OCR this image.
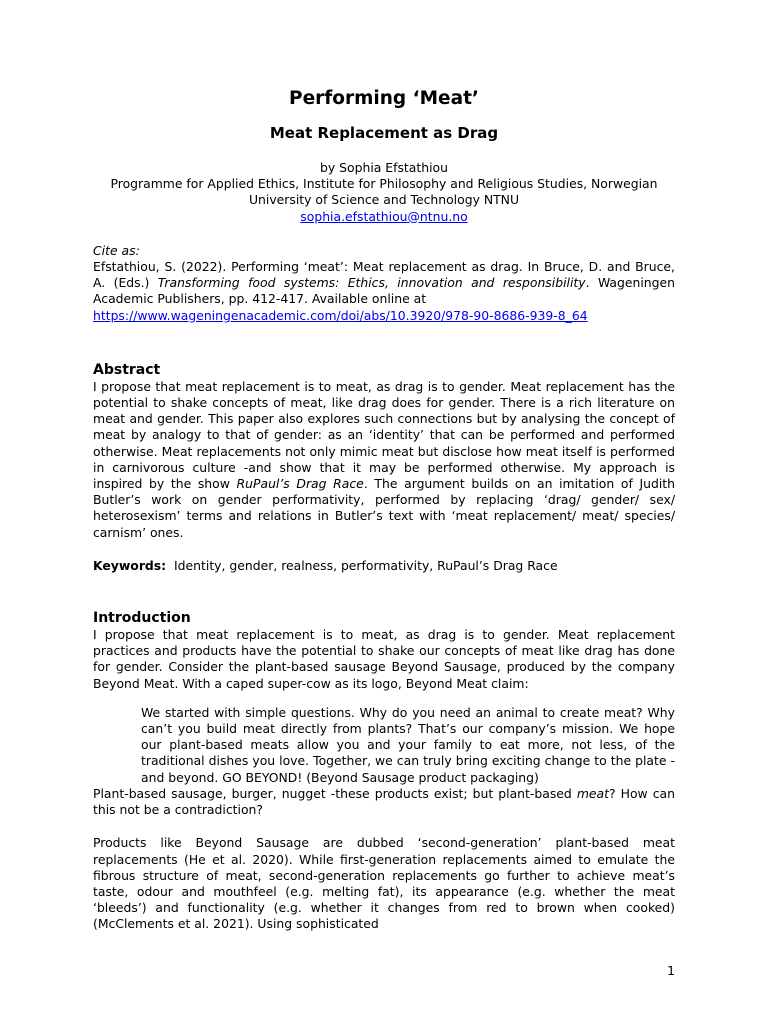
Performing ‘Meat’
Meat Replacement as Drag
by Sophia Efstathiou
Programme for Applied Ethics, Institute for Philosophy and Religious Studies, Norwegian University of Science and Technology NTNU
sophia.efstathiou@ntnu.no

Cite as:

Efstathiou, S. (2022). Performing ‘meat’: Meat replacement as drag. In Bruce, D. and Bruce, A. (Eds.) Transforming food systems: Ethics, innovation and responsibility. Wageningen Academic Publishers, pp. 412-417. Available online at

https://www.wageningenacademic.com/doi/abs/10.3920/978-90-8686-939-8_64

Abstract

I propose that meat replacement is to meat, as drag is to gender. Meat replacement has the potential to shake concepts of meat, like drag does for gender. There is a rich literature on meat and gender. This paper also explores such connections but by analysing the concept of meat by analogy to that of gender: as an ‘identity’ that can be performed and performed otherwise. Meat replacements not only mimic meat but disclose how meat itself is performed in carnivorous culture -and show that it may be performed otherwise. My approach is inspired by the show RuPaul’s Drag Race. The argument builds on an imitation of Judith Butler’s work on gender performativity, performed by replacing ‘drag/ gender/ sex/ heterosexism’ terms and relations in Butler’s text with ‘meat replacement/ meat/ species/ carnism’ ones.

Keywords: Identity, gender, realness, performativity, RuPaul’s Drag Race

Introduction

I propose that meat replacement is to meat, as drag is to gender. Meat replacement practices and products have the potential to shake our concepts of meat like drag has done for gender. Consider the plant-based sausage Beyond Sausage, produced by the company Beyond Meat. With a caped super-cow as its logo, Beyond Meat claim:

We started with simple questions. Why do you need an animal to create meat? Why can’t you build meat directly from plants? That’s our company’s mission. We hope our plant-based meats allow you and your family to eat more, not less, of the traditional dishes you love. Together, we can truly bring exciting change to the plate -and beyond. GO BEYOND! (Beyond Sausage product packaging)

Plant-based sausage, burger, nugget -these products exist; but plant-based meat? How can this not be a contradiction?

Products like Beyond Sausage are dubbed ‘second-generation’ plant-based meat replacements (He et al. 2020). While first-generation replacements aimed to emulate the fibrous structure of meat, second-generation replacements go further to achieve meat’s taste, odour and mouthfeel (e.g. melting fat), its appearance (e.g. whether the meat ‘bleeds’) and functionality (e.g. whether it changes from red to brown when cooked) (McClements et al. 2021). Using sophisticated

1
